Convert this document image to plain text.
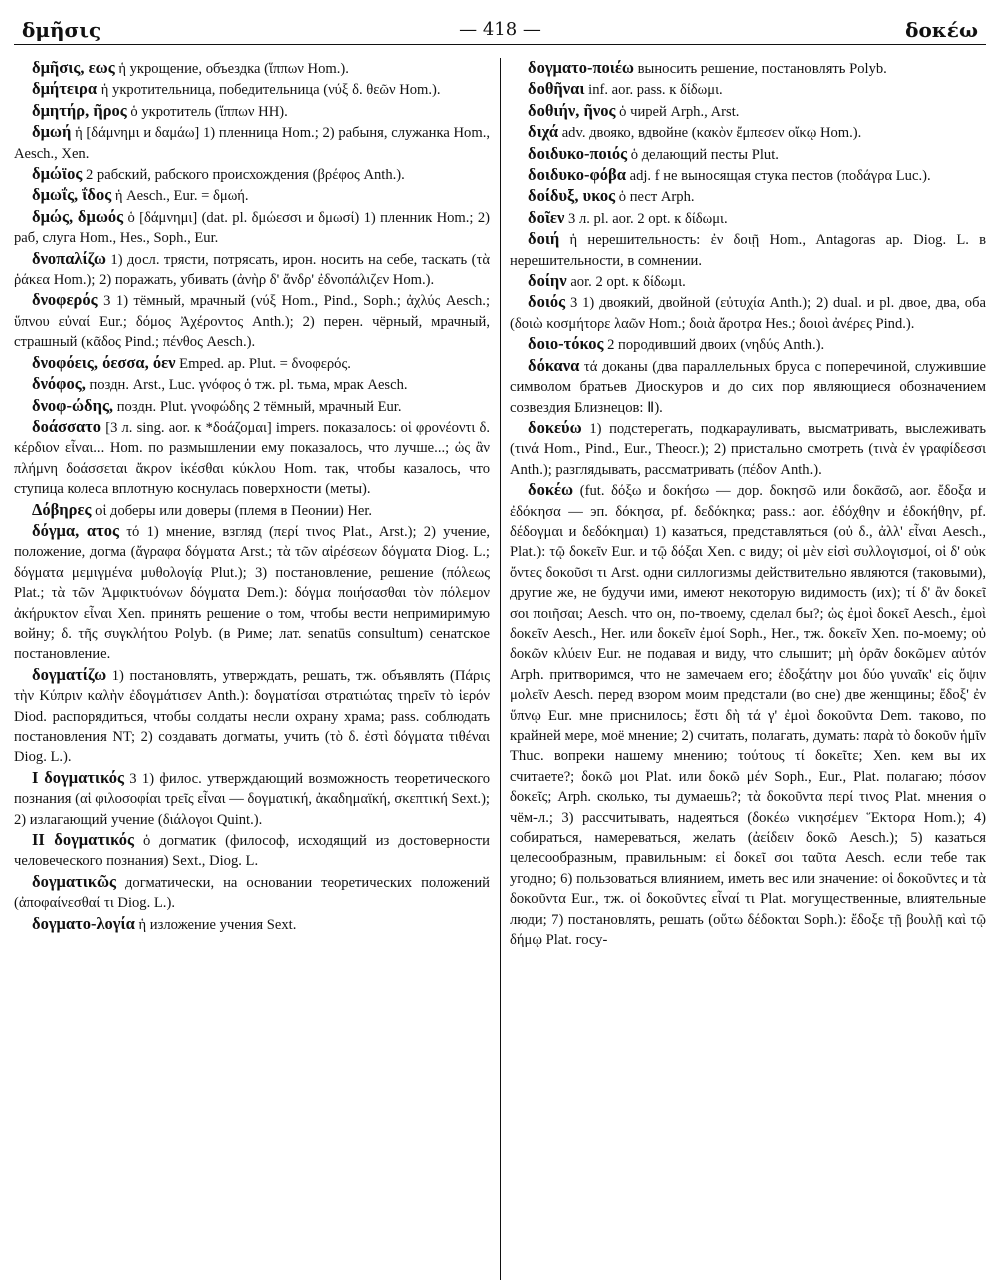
δμῆσις	— 418 —	δοκέω

δμῆσις, εως ἡ укрощение, объездка (ἵππων Hom.).

δμήτειρα ἡ укротительница, победительница (νύξ δ. θεῶν Hom.).

δμητήρ, ῆρος ὁ укротитель (ἵππων HH).

δμωή ἡ [δάμνημι и δαμάω] 1) пленница Hom.; 2) рабыня, служанка Hom., Aesch., Xen.

δμώϊος 2 рабский, рабского происхождения (βρέφος Anth.).

δμωΐς, ΐδος ἡ Aesch., Eur. = δμωή.

δμώς, δμωός ὁ [δάμνημι] (dat. pl. δμώεσσι и δμωσί) 1) пленник Hom.; 2) раб, слуга Hom., Hes., Soph., Eur.

δνοπαλίζω 1) досл. трясти, потрясать, ирон. носить на себе, таскать (τὰ ῥάκεα Hom.); 2) поражать, убивать (ἀνὴρ δ' ἄνδρ' ἐδνοπάλιζεν Hom.).

δνοφερός 3 1) тёмный, мрачный (νύξ Hom., Pind., Soph.; ἀχλύς Aesch.; ὕπνου εὐναί Eur.; δόμος Ἀχέροντος Anth.); 2) перен. чёрный, мрачный, страшный (κᾶδος Pind.; πένθος Aesch.).

δνοφόεις, όεσσα, όεν Emped. ap. Plut. = δνοφερός.

δνόφος, поздн. Arst., Luc. γνόφος ὁ тж. pl. тьма, мрак Aesch.

δνοφ-ώδης, поздн. Plut. γνοφώδης 2 тёмный, мрачный Eur.

δοάσσατο [3 л. sing. aor. к *δοάζομαι] impers. показалось: οἱ φρονέοντι δ. κέρδιον εἶναι... Hom. по размышлении ему показалось, что лучше...; ὡς ἂν πλήμνη δοάσσεται ἄκρον ἱκέσθαι κύκλου Hom. так, чтобы казалось, что ступица колеса вплотную коснулась поверхности (меты).

Δόβηρες οἱ доберы или доверы (племя в Пеонии) Her.

δόγμα, ατος τό 1) мнение, взгляд (περί τινος Plat., Arst.); 2) учение, положение, догма (ἄγραφα δόγματα Arst.; τὰ τῶν αἱρέσεων δόγματα Diog. L.; δόγματα μεμιγμένα μυθολογίᾳ Plut.); 3) постановление, решение (πόλεως Plat.; τὰ τῶν Ἀμφικτυόνων δόγματα Dem.): δόγμα ποιήσασθαι τὸν πόλεμον ἀκήρυκτον εἶναι Xen. принять решение о том, чтобы вести непримиримую войну; δ. τῆς συγκλήτου Polyb. (в Риме; лат. senatūs consultum) сенатское постановление.

δογματίζω 1) постановлять, утверждать, решать, тж. объявлять (Πάρις τὴν Κύπριν καλὴν ἐδογμάτισεν Anth.): δογματίσαι στρατιώτας τηρεῖν τὸ ἱερόν Diod. распорядиться, чтобы солдаты несли охрану храма; pass. соблюдать постановления NT; 2) создавать догматы, учить (τὸ δ. ἐστὶ δόγματα τιθέναι Diog. L.).

I δογματικός 3 1) филос. утверждающий возможность теоретического познания (αἱ φιλοσοφίαι τρεῖς εἶναι — δογματική, ἀκαδημαϊκή, σκεπτική Sext.); 2) излагающий учение (διάλογοι Quint.).

II δογματικός ὁ догматик (философ, исходящий из достоверности человеческого познания) Sext., Diog. L.

δογματικῶς догматически, на основании теоретических положений (ἀποφαίνεσθαί τι Diog. L.).

δογματο-λογία ἡ изложение учения Sext.

δογματο-ποιέω выносить решение, постановлять Polyb.

δοθῆναι inf. aor. pass. к δίδωμι.

δοθιήν, ῆνος ὁ чирей Arph., Arst.

διχά adv. двояко, вдвойне (κακὸν ἔμπεσεν οἴκῳ Hom.).

δοιδυκο-ποιός ὁ делающий песты Plut.

δοιδυκο-φόβα adj. f не выносящая стука пестов (ποδάγρα Luc.).

δοίδυξ, υκος ὁ пест Arph.

δοῖεν 3 л. pl. aor. 2 opt. к δίδωμι.

δοιή ἡ нерешительность: ἐν δοιῇ Hom., Antagoras ap. Diog. L. в нерешительности, в сомнении.

δοίην aor. 2 opt. к δίδωμι.

δοιός 3 1) двоякий, двойной (εὐτυχία Anth.); 2) dual. и pl. двое, два, оба (δοιὼ κοσμήτορε λαῶν Hom.; δοιὰ ἄροτρα Hes.; δοιοὶ ἀνέρες Pind.).

δοιο-τόκος 2 породивший двоих (νηδύς Anth.).

δόκανα τά доканы (два параллельных бруса с поперечиной, служившие символом братьев Диоскуров и до сих пор являющиеся обозначением созвездия Близнецов: Ⅱ).

δοκεύω 1) подстерегать, подкарауливать, высматривать, выслеживать (τινά Hom., Pind., Eur., Theocr.); 2) пристально смотреть (τινὰ ἐν γραφίδεσσι Anth.); разглядывать, рассматривать (πέδον Anth.).

δοκέω (fut. δόξω и δοκήσω — дор. δοκησῶ или δοκᾱσῶ, aor. ἔδοξα и ἐδόκησα — эп. δόκησα, pf. δεδόκηκα; pass.: aor. ἐδόχθην и ἐδοκήθην, pf. δέδογμαι и δεδόκημαι) 1) казаться, представляться (οὐ δ., ἀλλ' εἶναι Aesch., Plat.): τῷ δοκεῖν Eur. и τῷ δόξαι Xen. с виду; οἱ μὲν εἰσὶ συλλογισμοί, οἱ δ' οὐκ ὄντες δοκοῦσι τι Arst. одни силлогизмы действительно являются (таковыми), другие же, не будучи ими, имеют некоторую видимость (их); τί δ' ἂν δοκεῖ σοι ποιῆσαι; Aesch. что он, по-твоему, сделал бы?; ὡς ἐμοὶ δοκεῖ Aesch., ἐμοὶ δοκεῖν Aesch., Her. или δοκεῖν ἐμοί Soph., Her., тж. δοκεῖν Xen. по-моему; οὐ δοκῶν κλύειν Eur. не подавая и виду, что слышит; μὴ ὁρᾶν δοκῶμεν αὐτόν Arph. притворимся, что не замечаем его; ἐδοξάτην μοι δύο γυναῖκ' εἰς ὄψιν μολεῖν Aesch. перед взором моим предстали (во сне) две женщины; ἔδοξ' ἐν ὕπνῳ Eur. мне приснилось; ἔστι δὴ τά γ' ἐμοὶ δοκοῦντα Dem. таково, по крайней мере, моё мнение; 2) считать, полагать, думать: παρὰ τὸ δοκοῦν ἡμῖν Thuc. вопреки нашему мнению; τούτους τί δοκεῖτε; Xen. кем вы их считаете?; δοκῶ μοι Plat. или δοκῶ μέν Soph., Eur., Plat. полагаю; πόσον δοκεῖς; Arph. сколько, ты думаешь?; τὰ δοκοῦντα περί τινος Plat. мнения о чём-л.; 3) рассчитывать, надеяться (δοκέω νικησέμεν Ἕκτορα Hom.); 4) собираться, намереваться, желать (ἀείδειν δοκῶ Aesch.); 5) казаться целесообразным, правильным: εἰ δοκεῖ σοι ταῦτα Aesch. если тебе так угодно; 6) пользоваться влиянием, иметь вес или значение: οἱ δοκοῦντες и τὰ δοκοῦντα Eur., тж. οἱ δοκοῦντες εἶναί τι Plat. могущественные, влиятельные люди; 7) постановлять, решать (οὕτω δέδοκται Soph.): ἔδοξε τῇ βουλῇ καὶ τῷ δήμῳ Plat. госу-
